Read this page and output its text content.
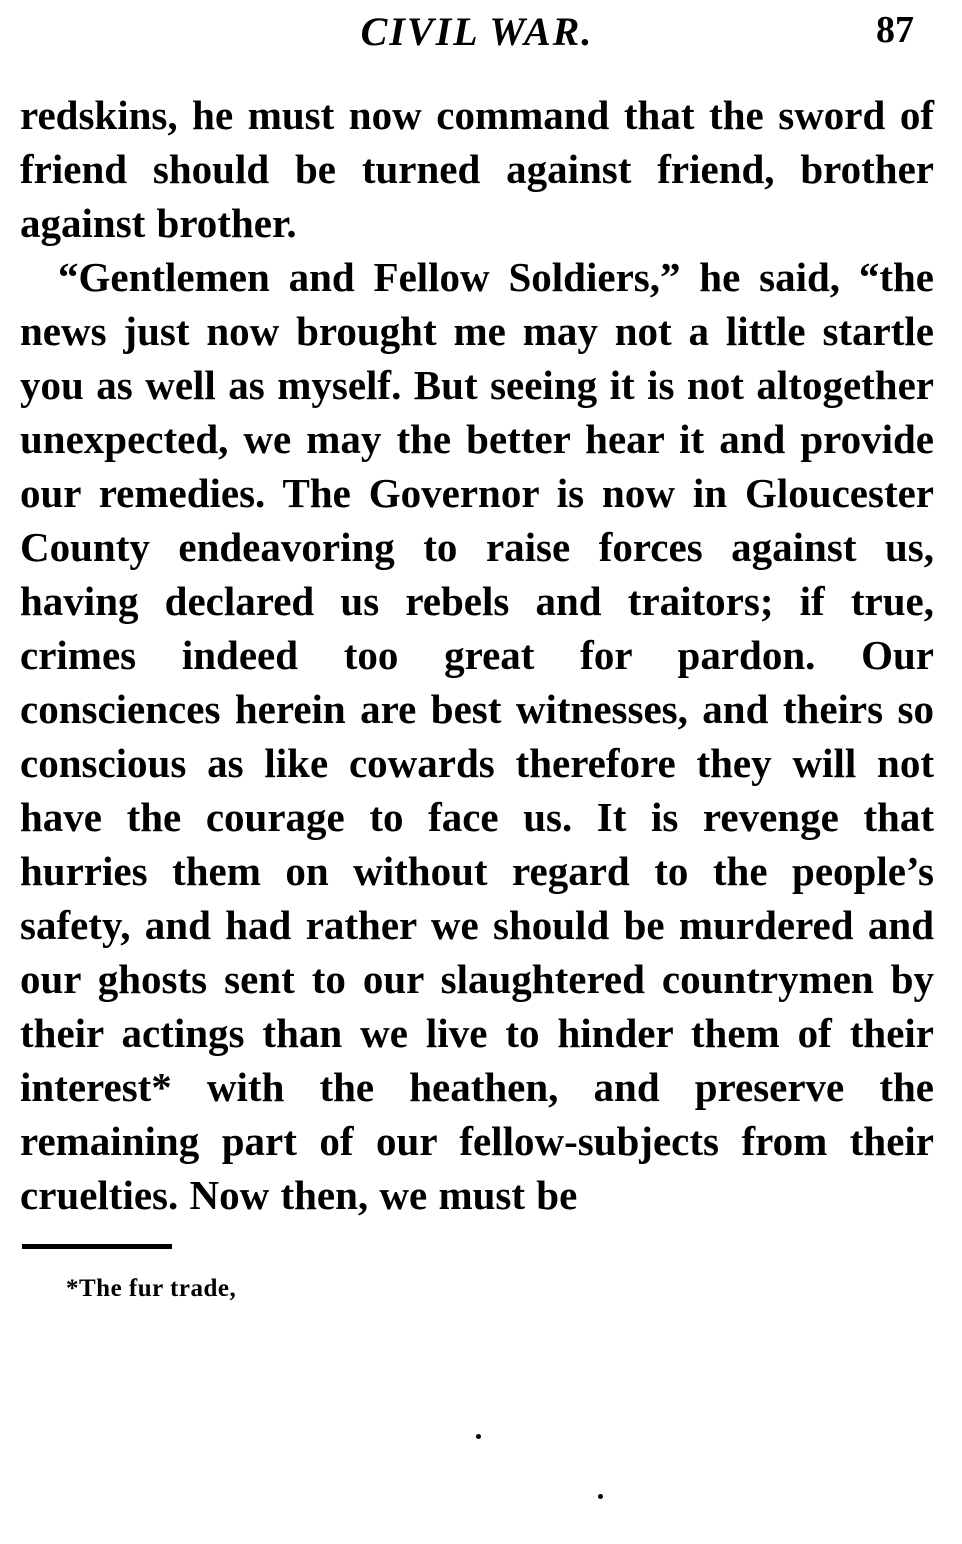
CIVIL WAR.	87

redskins, he must now command that the sword of friend should be turned against friend, brother against brother.

“Gentlemen and Fellow Soldiers,” he said, “the news just now brought me may not a little startle you as well as myself. But seeing it is not altogether unexpected, we may the better hear it and provide our remedies. The Governor is now in Gloucester County endeavoring to raise forces against us, having declared us rebels and traitors; if true, crimes indeed too great for pardon. Our consciences herein are best witnesses, and theirs so conscious as like cowards therefore they will not have the courage to face us. It is revenge that hurries them on without regard to the people’s safety, and had rather we should be murdered and our ghosts sent to our slaughtered countrymen by their actings than we live to hinder them of their interest* with the heathen, and preserve the remaining part of our fellow-subjects from their cruelties. Now then, we must be

*The fur trade,
